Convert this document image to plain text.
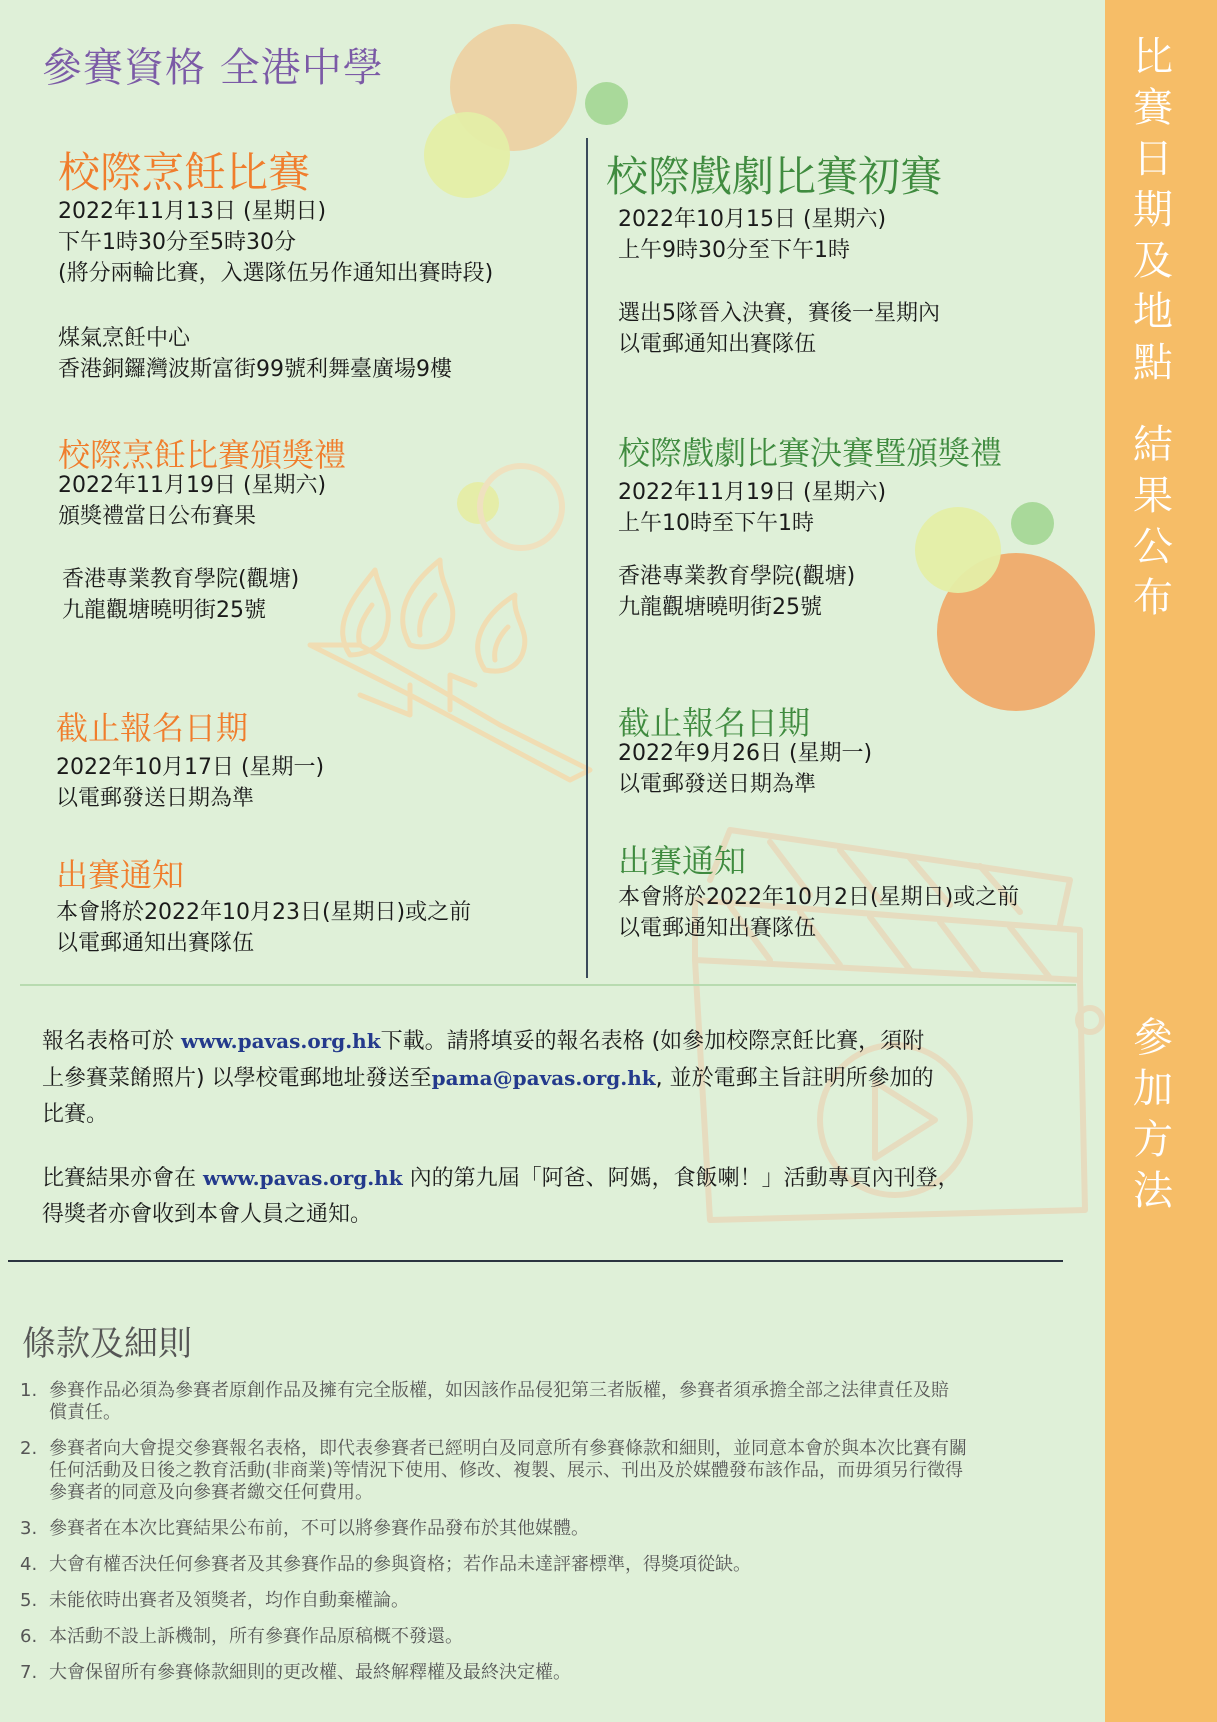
參賽資格 全港中學	比
賽
日
期
及
地
點
結
果
公
布
參
加
方
法
校際烹飪比賽
2022年11月13日 (星期日)
下午1時30分至5時30分
(將分兩輪比賽，入選隊伍另作通知出賽時段)
煤氣烹飪中心
香港銅鑼灣波斯富街99號利舞臺廣場9樓
校際烹飪比賽頒獎禮
2022年11月19日 (星期六)
頒獎禮當日公布賽果
香港專業教育學院(觀塘)
九龍觀塘曉明街25號
截止報名日期
2022年10月17日 (星期一)
以電郵發送日期為準
出賽通知
本會將於2022年10月23日(星期日)或之前
以電郵通知出賽隊伍
校際戲劇比賽初賽
2022年10月15日 (星期六)
上午9時30分至下午1時
選出5隊晉入決賽，賽後一星期內
以電郵通知出賽隊伍
校際戲劇比賽決賽暨頒獎禮
2022年11月19日 (星期六)
上午10時至下午1時
香港專業教育學院(觀塘)
九龍觀塘曉明街25號
截止報名日期
2022年9月26日 (星期一)
以電郵發送日期為準
出賽通知
本會將於2022年10月2日(星期日)或之前
以電郵通知出賽隊伍
報名表格可於 www.pavas.org.hk下載。請將填妥的報名表格 (如參加校際烹飪比賽，須附
上參賽菜餚照片) 以學校電郵地址發送至pama@pavas.org.hk, 並於電郵主旨註明所參加的
比賽。
比賽結果亦會在 www.pavas.org.hk 內的第九屆「阿爸、阿媽，食飯喇！」活動專頁內刊登，
得獎者亦會收到本會人員之通知。
條款及細則
1. 參賽作品必須為參賽者原創作品及擁有完全版權，如因該作品侵犯第三者版權，參賽者須承擔全部之法律責任及賠
償責任。
2. 參賽者向大會提交參賽報名表格，即代表參賽者已經明白及同意所有參賽條款和細則，並同意本會於與本次比賽有關
任何活動及日後之教育活動(非商業)等情況下使用、修改、複製、展示、刊出及於媒體發布該作品，而毋須另行徵得
參賽者的同意及向參賽者繳交任何費用。
3. 參賽者在本次比賽結果公布前，不可以將參賽作品發布於其他媒體。
4. 大會有權否決任何參賽者及其參賽作品的參與資格；若作品未達評審標準，得獎項從缺。
5. 未能依時出賽者及領獎者，均作自動棄權論。
6. 本活動不設上訴機制，所有參賽作品原稿概不發還。
7. 大會保留所有參賽條款細則的更改權、最終解釋權及最終決定權。
